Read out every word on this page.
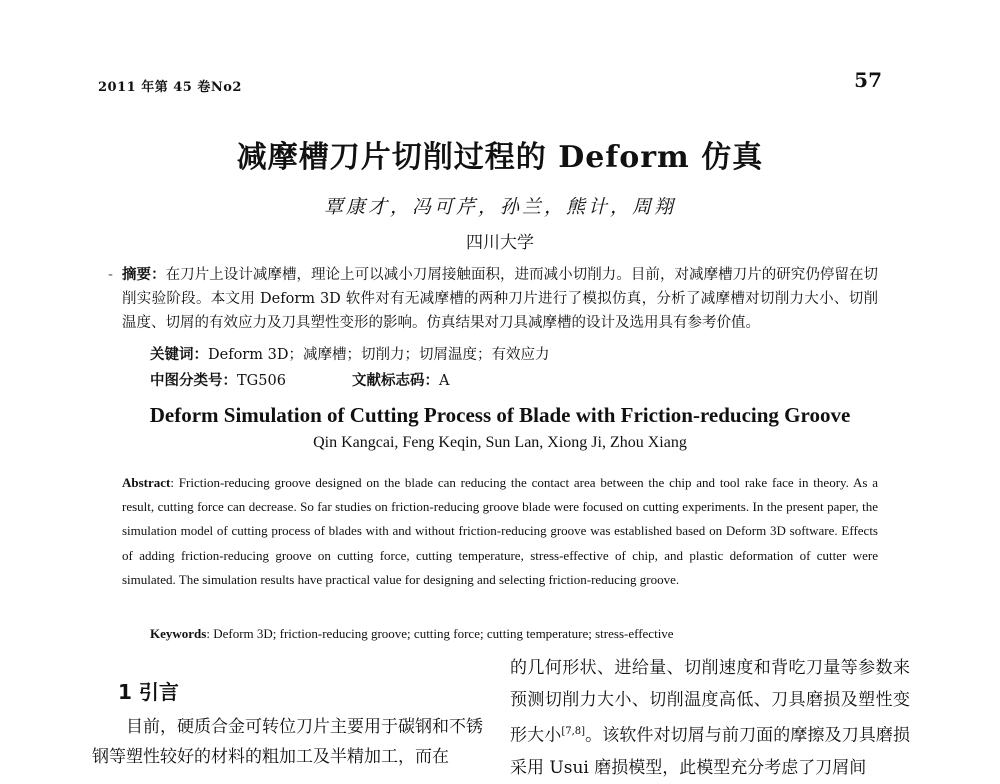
2011 年第 45 卷No2	57
减摩槽刀片切削过程的 Deform 仿真
覃康才，冯可芹，孙兰，熊计，周翔
四川大学
- 摘要：在刀片上设计减摩槽，理论上可以减小刀屑接触面积，进而减小切削力。目前，对减摩槽刀片的研究仍停留在切削实验阶段。本文用 Deform 3D 软件对有无减摩槽的两种刀片进行了模拟仿真，分析了减摩槽对切削力大小、切削温度、切屑的有效应力及刀具塑性变形的影响。仿真结果对刀具减摩槽的设计及选用具有参考价值。
关键词：Deform 3D；减摩槽；切削力；切屑温度；有效应力
中图分类号：TG506	文献标志码：A
Deform Simulation of Cutting Process of Blade with Friction-reducing Groove
Qin Kangcai, Feng Keqin, Sun Lan, Xiong Ji, Zhou Xiang
Abstract: Friction-reducing groove designed on the blade can reducing the contact area between the chip and tool rake face in theory. As a result, cutting force can decrease. So far studies on friction-reducing groove blade were focused on cutting experiments. In the present paper, the simulation model of cutting process of blades with and without friction-reducing groove was established based on Deform 3D software. Effects of adding friction-reducing groove on cutting force, cutting temperature, stress-effective of chip, and plastic deformation of cutter were simulated. The simulation results have practical value for designing and selecting friction-reducing groove.
Keywords: Deform 3D; friction-reducing groove; cutting force; cutting temperature; stress-effective
1 引言
目前，硬质合金可转位刀片主要用于碳钢和不锈钢等塑性较好的材料的粗加工及半精加工，而在
的几何形状、进给量、切削速度和背吃刀量等参数来预测切削力大小、切削温度高低、刀具磨损及塑性变形大小[7,8]。该软件对切屑与前刀面的摩擦及刀具磨损采用 Usui 磨损模型，此模型充分考虑了刀屑间
